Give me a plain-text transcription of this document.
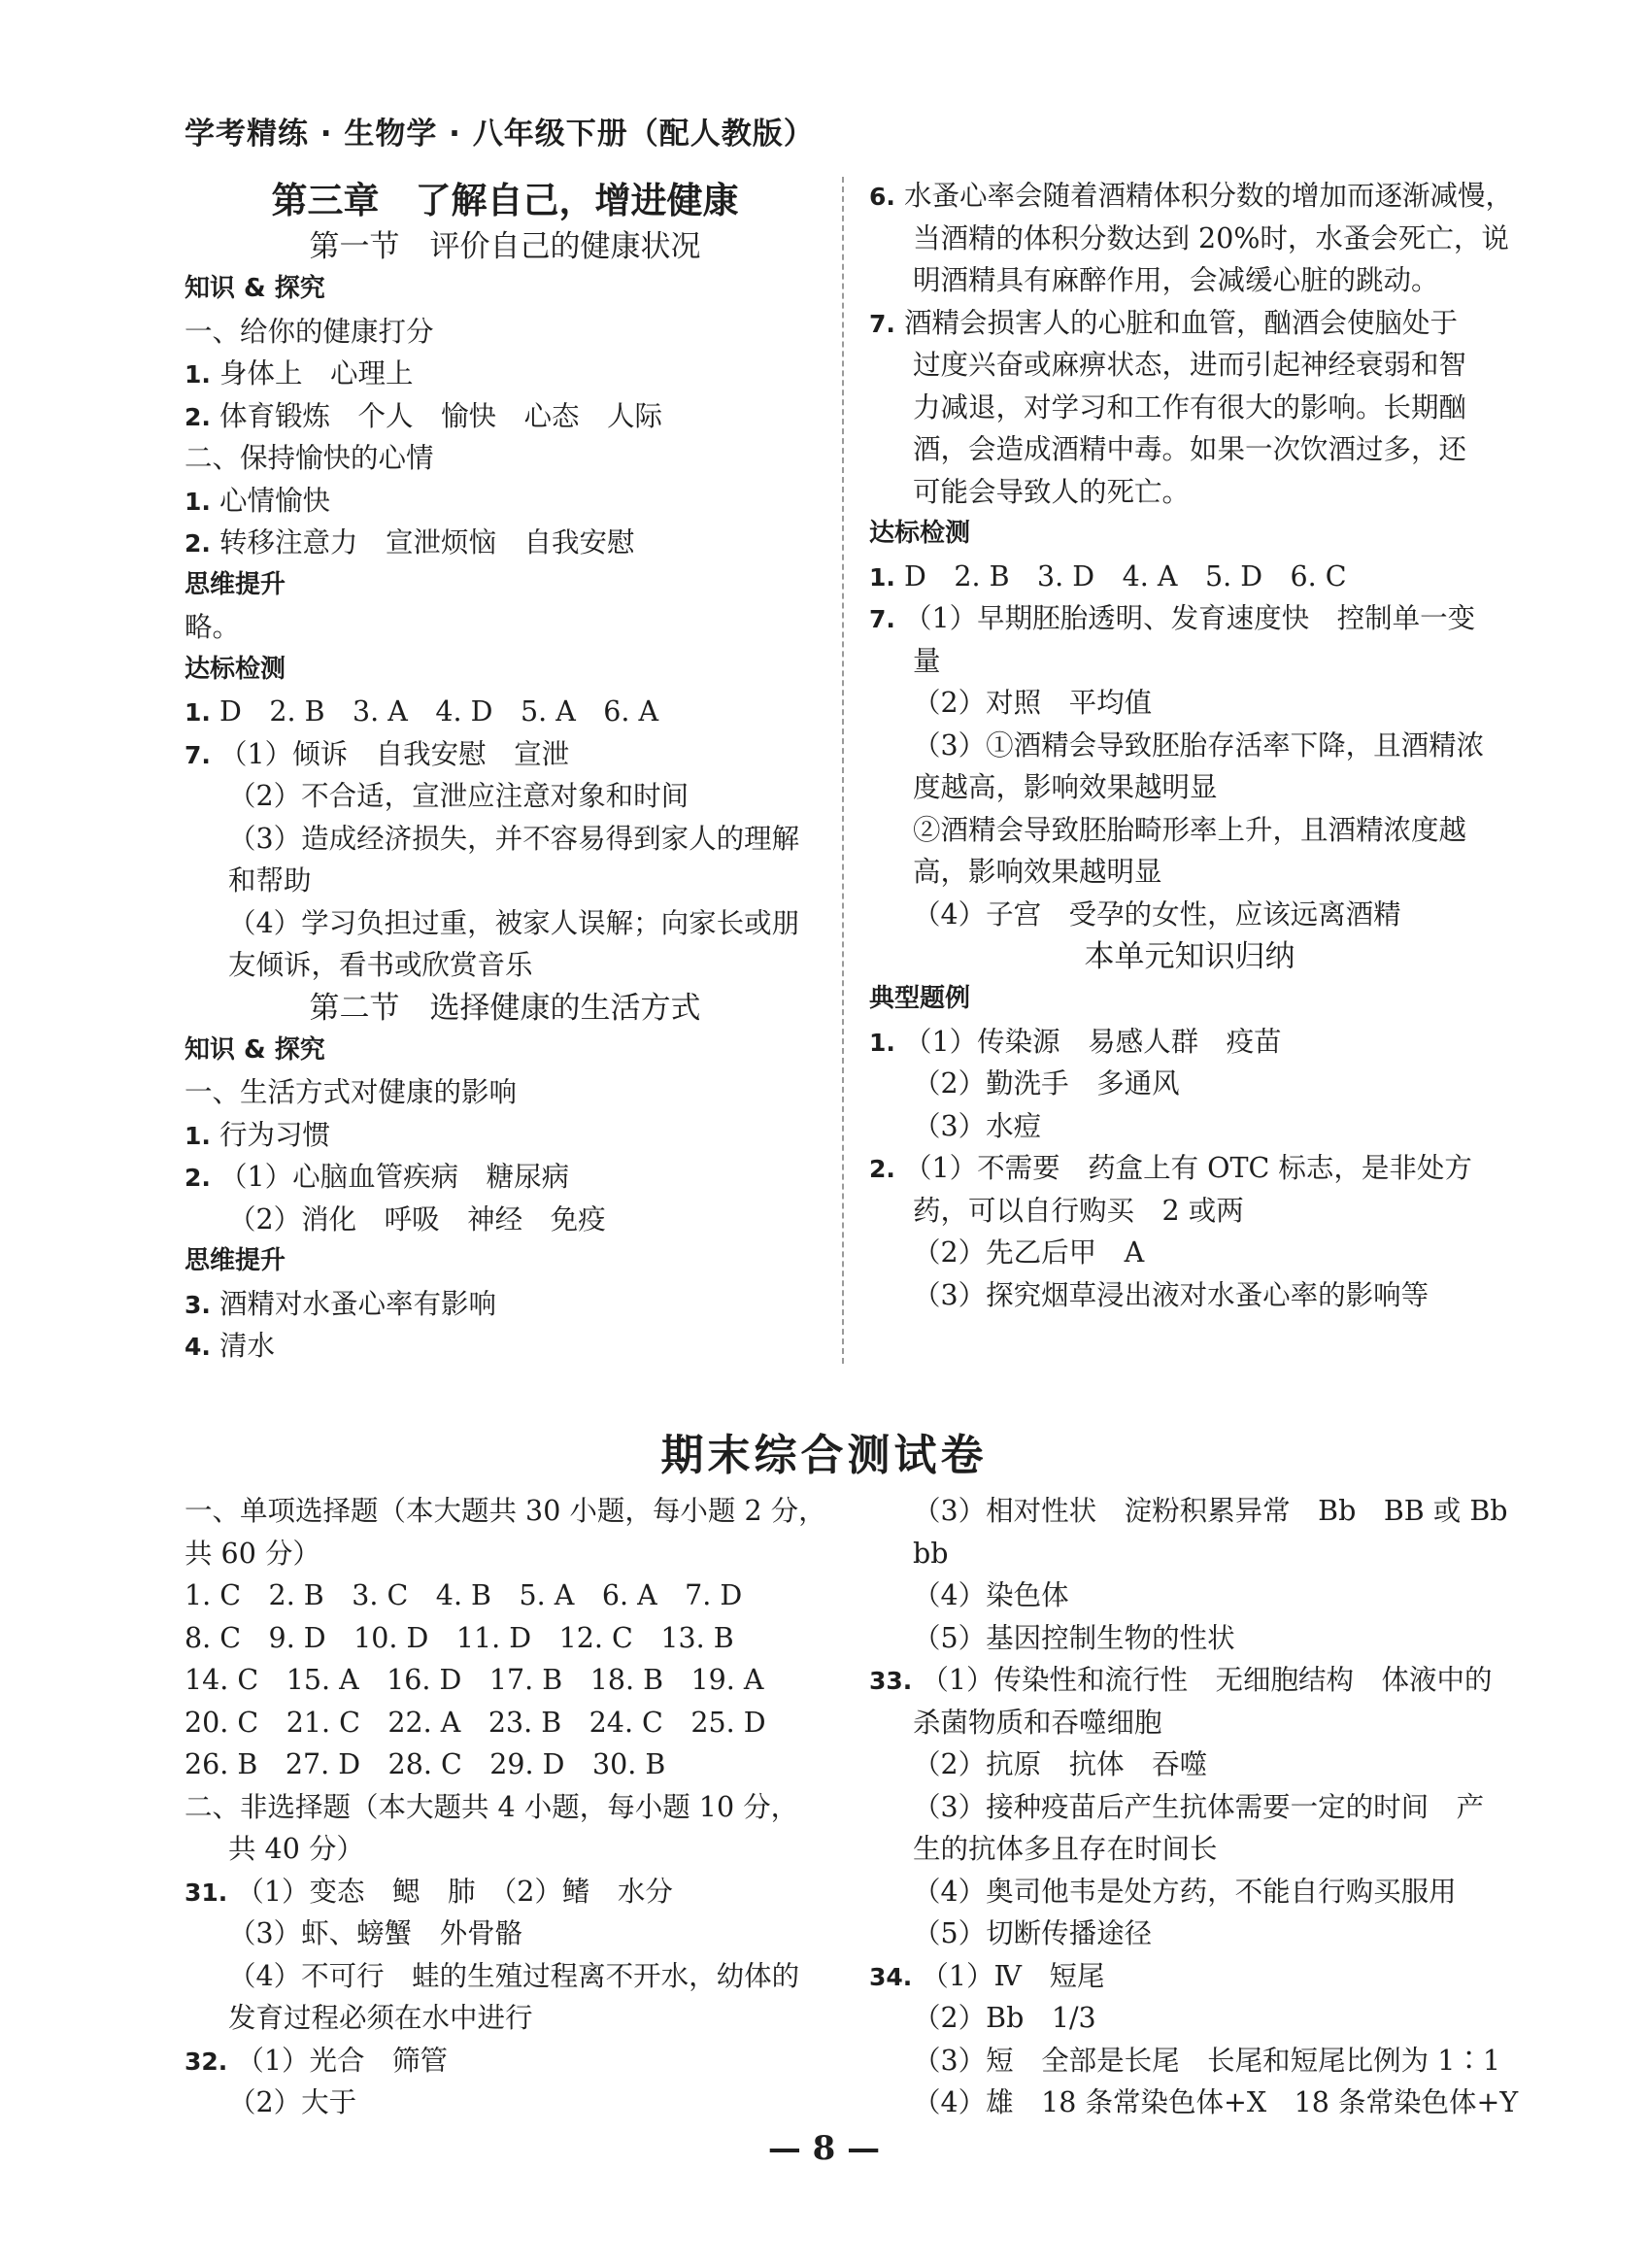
学考精练 · 生物学 · 八年级下册（配人教版）
第三章　了解自己，增进健康
第一节　评价自己的健康状况
知识 & 探究
一、给你的健康打分
1. 身体上　心理上
2. 体育锻炼　个人　愉快　心态　人际
二、保持愉快的心情
1. 心情愉快
2. 转移注意力　宣泄烦恼　自我安慰
思维提升
略。
达标检测
1. D　2. B　3. A　4. D　5. A　6. A
7. （1）倾诉　自我安慰　宣泄
（2）不合适，宣泄应注意对象和时间
（3）造成经济损失，并不容易得到家人的理解
和帮助
（4）学习负担过重，被家人误解；向家长或朋
友倾诉，看书或欣赏音乐
第二节　选择健康的生活方式
知识 & 探究
一、生活方式对健康的影响
1. 行为习惯
2. （1）心脑血管疾病　糖尿病
（2）消化　呼吸　神经　免疫
思维提升
3. 酒精对水蚤心率有影响
4. 清水
6. 水蚤心率会随着酒精体积分数的增加而逐渐减慢，
当酒精的体积分数达到 20%时，水蚤会死亡，说
明酒精具有麻醉作用，会减缓心脏的跳动。
7. 酒精会损害人的心脏和血管，酗酒会使脑处于
过度兴奋或麻痹状态，进而引起神经衰弱和智
力减退，对学习和工作有很大的影响。长期酗
酒，会造成酒精中毒。如果一次饮酒过多，还
可能会导致人的死亡。
达标检测
1. D　2. B　3. D　4. A　5. D　6. C
7. （1）早期胚胎透明、发育速度快　控制单一变
量
（2）对照　平均值
（3）①酒精会导致胚胎存活率下降，且酒精浓
度越高，影响效果越明显
②酒精会导致胚胎畸形率上升，且酒精浓度越
高，影响效果越明显
（4）子宫　受孕的女性，应该远离酒精
本单元知识归纳
典型题例
1. （1）传染源　易感人群　疫苗
（2）勤洗手　多通风
（3）水痘
2. （1）不需要　药盒上有 OTC 标志，是非处方
药，可以自行购买　2 或两
（2）先乙后甲　A
（3）探究烟草浸出液对水蚤心率的影响等
期末综合测试卷
一、单项选择题（本大题共 30 小题，每小题 2 分，
共 60 分）
1. C　2. B　3. C　4. B　5. A　6. A　7. D
8. C　9. D　10. D　11. D　12. C　13. B
14. C　15. A　16. D　17. B　18. B　19. A
20. C　21. C　22. A　23. B　24. C　25. D
26. B　27. D　28. C　29. D　30. B
二、非选择题（本大题共 4 小题，每小题 10 分，
共 40 分）
31. （1）变态　鳃　肺　（2）鳍　水分
（3）虾、螃蟹　外骨骼
（4）不可行　蛙的生殖过程离不开水，幼体的
发育过程必须在水中进行
32. （1）光合　筛管
（2）大于
（3）相对性状　淀粉积累异常　Bb　BB 或 Bb
bb
（4）染色体
（5）基因控制生物的性状
33. （1）传染性和流行性　无细胞结构　体液中的
杀菌物质和吞噬细胞
（2）抗原　抗体　吞噬
（3）接种疫苗后产生抗体需要一定的时间　产
生的抗体多且存在时间长
（4）奥司他韦是处方药，不能自行购买服用
（5）切断传播途径
34. （1）Ⅳ　短尾
（2）Bb　1/3
（3）短　全部是长尾　长尾和短尾比例为 1∶1
（4）雄　18 条常染色体+X　18 条常染色体+Y
— 8 —
